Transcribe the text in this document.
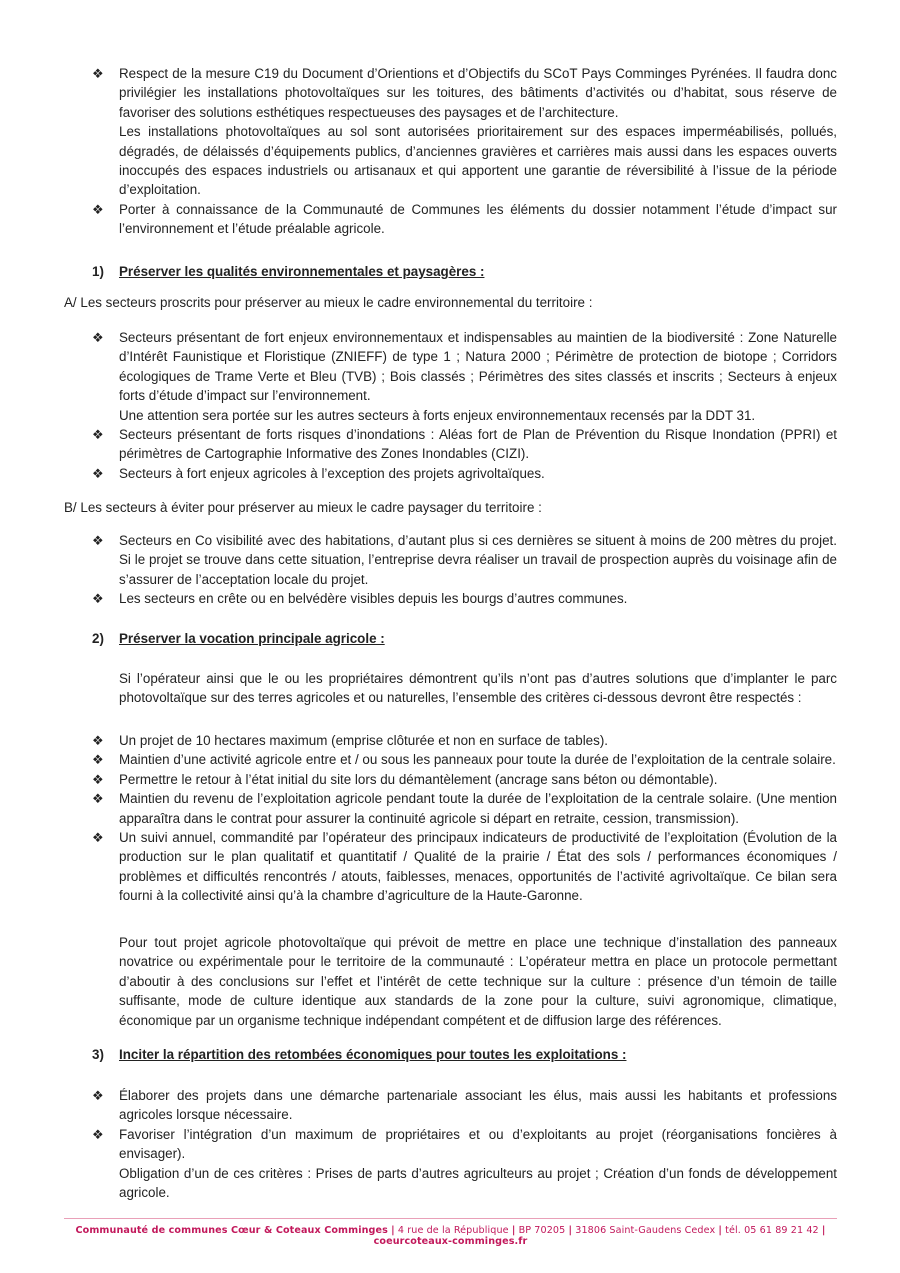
❖ Respect de la mesure C19 du Document d’Orientions et d’Objectifs du SCoT Pays Comminges Pyrénées. Il faudra donc privilégier les installations photovoltaïques sur les toitures, des bâtiments d’activités ou d’habitat, sous réserve de favoriser des solutions esthétiques respectueuses des paysages et de l’architecture.
Les installations photovoltaïques au sol sont autorisées prioritairement sur des espaces imperméabilisés, pollués, dégradés, de délaissés d’équipements publics, d’anciennes gravières et carrières mais aussi dans les espaces ouverts inoccupés des espaces industriels ou artisanaux et qui apportent une garantie de réversibilité à l’issue de la période d’exploitation.
❖ Porter à connaissance de la Communauté de Communes les éléments du dossier notamment l’étude d’impact sur l’environnement et l’étude préalable agricole.
1) Préserver les qualités environnementales et paysagères :
A/ Les secteurs proscrits pour préserver au mieux le cadre environnemental du territoire :
❖ Secteurs présentant de fort enjeux environnementaux et indispensables au maintien de la biodiversité : Zone Naturelle d’Intérêt Faunistique et Floristique (ZNIEFF) de type 1 ; Natura 2000 ; Périmètre de protection de biotope ; Corridors écologiques de Trame Verte et Bleu (TVB) ; Bois classés ; Périmètres des sites classés et inscrits ; Secteurs à enjeux forts d’étude d’impact sur l’environnement.
Une attention sera portée sur les autres secteurs à forts enjeux environnementaux recensés par la DDT 31.
❖ Secteurs présentant de forts risques d’inondations : Aléas fort de Plan de Prévention du Risque Inondation (PPRI) et périmètres de Cartographie Informative des Zones Inondables (CIZI).
❖ Secteurs à fort enjeux agricoles à l’exception des projets agrivoltaïques.
B/ Les secteurs à éviter pour préserver au mieux le cadre paysager du territoire :
❖ Secteurs en Co visibilité avec des habitations, d’autant plus si ces dernières se situent à moins de 200 mètres du projet. Si le projet se trouve dans cette situation, l’entreprise devra réaliser un travail de prospection auprès du voisinage afin de s’assurer de l’acceptation locale du projet.
❖ Les secteurs en crête ou en belvédère visibles depuis les bourgs d’autres communes.
2) Préserver la vocation principale agricole :
Si l’opérateur ainsi que le ou les propriétaires démontrent qu’ils n’ont pas d’autres solutions que d’implanter le parc photovoltaïque sur des terres agricoles et ou naturelles, l’ensemble des critères ci-dessous devront être respectés :
❖ Un projet de 10 hectares maximum (emprise clôturée et non en surface de tables).
❖ Maintien d’une activité agricole entre et / ou sous les panneaux pour toute la durée de l’exploitation de la centrale solaire.
❖ Permettre le retour à l’état initial du site lors du démantèlement (ancrage sans béton ou démontable).
❖ Maintien du revenu de l’exploitation agricole pendant toute la durée de l’exploitation de la centrale solaire. (Une mention apparaîtra dans le contrat pour assurer la continuité agricole si départ en retraite, cession, transmission).
❖ Un suivi annuel, commandité par l’opérateur des principaux indicateurs de productivité de l’exploitation (Évolution de la production sur le plan qualitatif et quantitatif / Qualité de la prairie / État des sols / performances économiques / problèmes et difficultés rencontrés / atouts, faiblesses, menaces, opportunités de l’activité agrivoltaïque. Ce bilan sera fourni à la collectivité ainsi qu’à la chambre d’agriculture de la Haute-Garonne.
Pour tout projet agricole photovoltaïque qui prévoit de mettre en place une technique d’installation des panneaux novatrice ou expérimentale pour le territoire de la communauté : L’opérateur mettra en place un protocole permettant d’aboutir à des conclusions sur l’effet et l’intérêt de cette technique sur la culture : présence d’un témoin de taille suffisante, mode de culture identique aux standards de la zone pour la culture, suivi agronomique, climatique, économique par un organisme technique indépendant compétent et de diffusion large des références.
3) Inciter la répartition des retombées économiques pour toutes les exploitations :
❖ Élaborer des projets dans une démarche partenariale associant les élus, mais aussi les habitants et professions agricoles lorsque nécessaire.
❖ Favoriser l’intégration d’un maximum de propriétaires et ou d’exploitants au projet (réorganisations foncières à envisager).
Obligation d’un de ces critères : Prises de parts d’autres agriculteurs au projet ; Création d’un fonds de développement agricole.
Communauté de communes Cœur & Coteaux Comminges | 4 rue de la République | BP 70205 | 31806 Saint-Gaudens Cedex | tél. 05 61 89 21 42 | coeurcoteaux-comminges.fr
